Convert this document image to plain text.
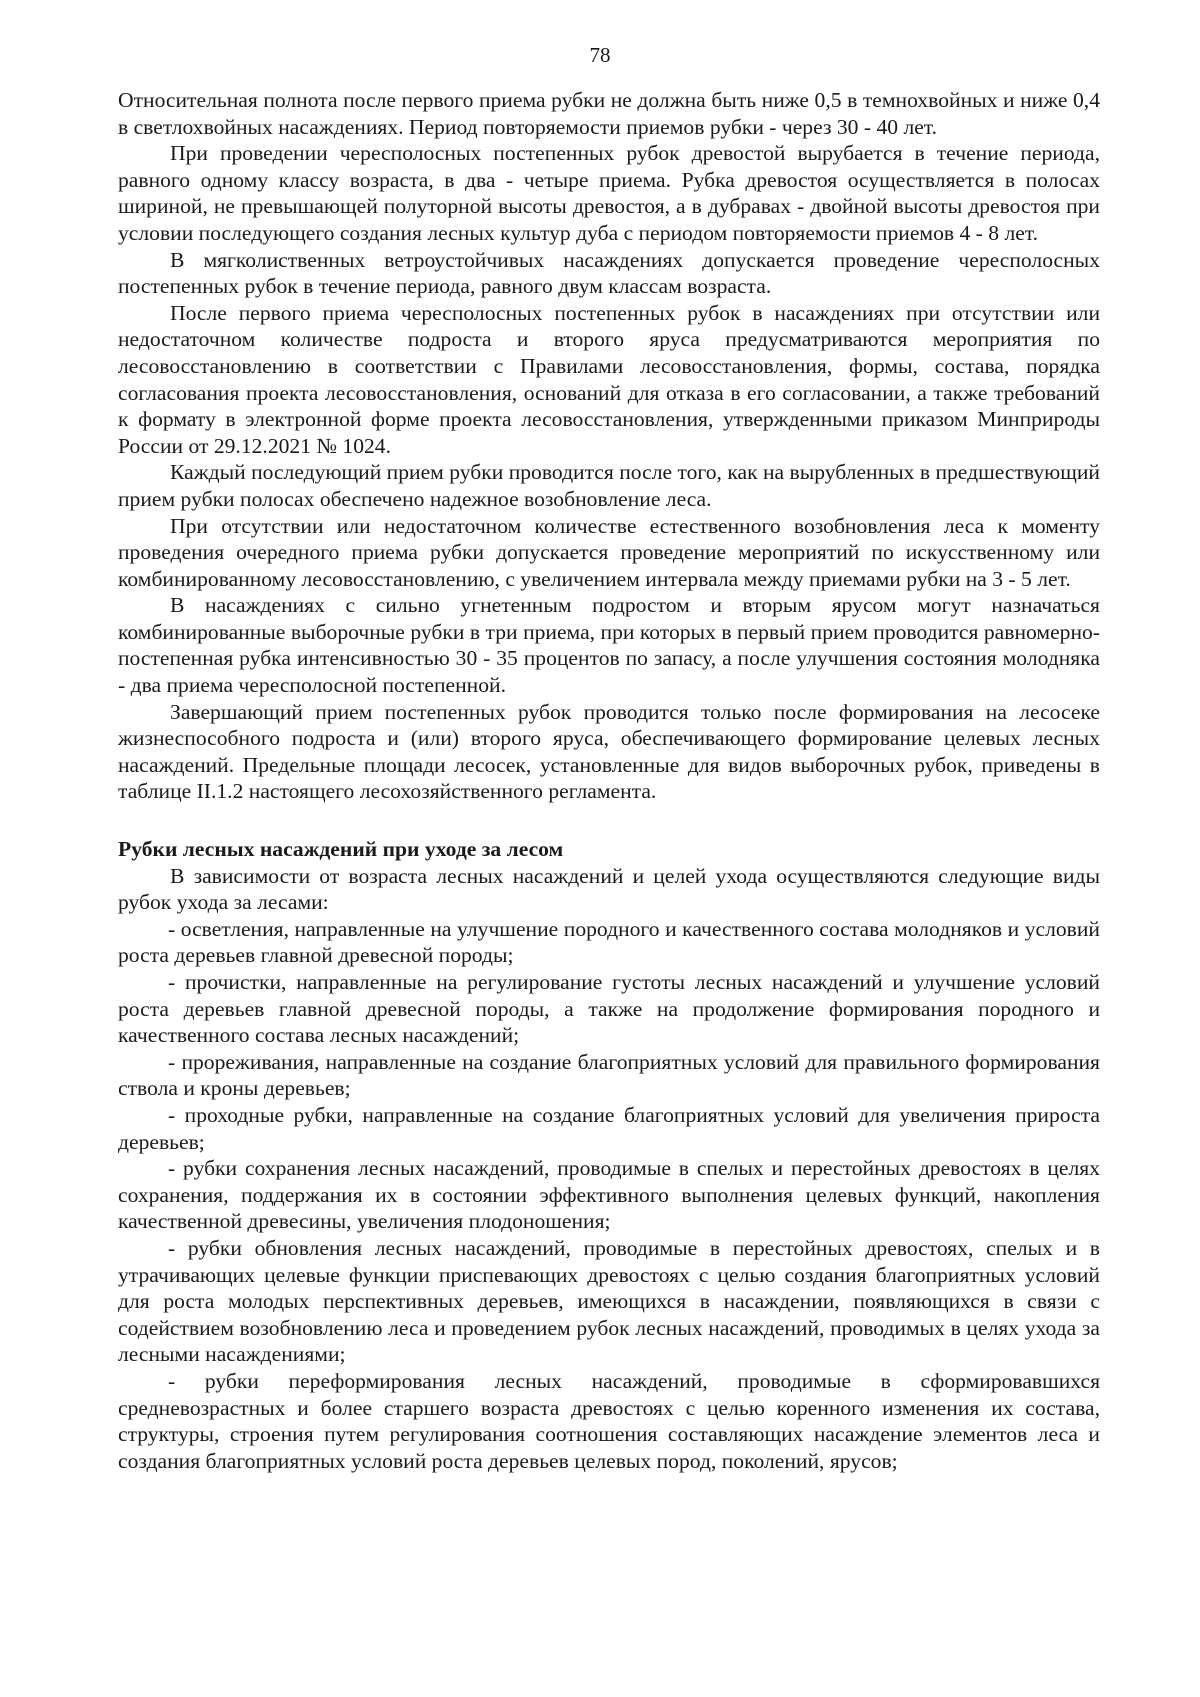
78

Относительная полнота после первого приема рубки не должна быть ниже 0,5 в темнохвойных и ниже 0,4 в светлохвойных насаждениях. Период повторяемости приемов рубки - через 30 - 40 лет.

При проведении чересполосных постепенных рубок древостой вырубается в течение периода, равного одному классу возраста, в два - четыре приема. Рубка древостоя осуществляется в полосах шириной, не превышающей полуторной высоты древостоя, а в дубравах - двойной высоты древостоя при условии последующего создания лесных культур дуба с периодом повторяемости приемов 4 - 8 лет.

В мягколиственных ветроустойчивых насаждениях допускается проведение чересполосных постепенных рубок в течение периода, равного двум классам возраста.

После первого приема чересполосных постепенных рубок в насаждениях при отсутствии или недостаточном количестве подроста и второго яруса предусматриваются мероприятия по лесовосстановлению в соответствии с Правилами лесовосстановления, формы, состава, порядка согласования проекта лесовосстановления, оснований для отказа в его согласовании, а также требований к формату в электронной форме проекта лесовосстановления, утвержденными приказом Минприроды России от 29.12.2021 № 1024.

Каждый последующий прием рубки проводится после того, как на вырубленных в предшествующий прием рубки полосах обеспечено надежное возобновление леса.

При отсутствии или недостаточном количестве естественного возобновления леса к моменту проведения очередного приема рубки допускается проведение мероприятий по искусственному или комбинированному лесовосстановлению, с увеличением интервала между приемами рубки на 3 - 5 лет.

В насаждениях с сильно угнетенным подростом и вторым ярусом могут назначаться комбинированные выборочные рубки в три приема, при которых в первый прием проводится равномерно-постепенная рубка интенсивностью 30 - 35 процентов по запасу, а после улучшения состояния молодняка - два приема чересполосной постепенной.

Завершающий прием постепенных рубок проводится только после формирования на лесосеке жизнеспособного подроста и (или) второго яруса, обеспечивающего формирование целевых лесных насаждений. Предельные площади лесосек, установленные для видов выборочных рубок, приведены в таблице II.1.2 настоящего лесохозяйственного регламента.

Рубки лесных насаждений при уходе за лесом

В зависимости от возраста лесных насаждений и целей ухода осуществляются следующие виды рубок ухода за лесами:

- осветления, направленные на улучшение породного и качественного состава молодняков и условий роста деревьев главной древесной породы;

- прочистки, направленные на регулирование густоты лесных насаждений и улучшение условий роста деревьев главной древесной породы, а также на продолжение формирования породного и качественного состава лесных насаждений;

- прореживания, направленные на создание благоприятных условий для правильного формирования ствола и кроны деревьев;

- проходные рубки, направленные на создание благоприятных условий для увеличения прироста деревьев;

- рубки сохранения лесных насаждений, проводимые в спелых и перестойных древостоях в целях сохранения, поддержания их в состоянии эффективного выполнения целевых функций, накопления качественной древесины, увеличения плодоношения;

- рубки обновления лесных насаждений, проводимые в перестойных древостоях, спелых и в утрачивающих целевые функции приспевающих древостоях с целью создания благоприятных условий для роста молодых перспективных деревьев, имеющихся в насаждении, появляющихся в связи с содействием возобновлению леса и проведением рубок лесных насаждений, проводимых в целях ухода за лесными насаждениями;

- рубки переформирования лесных насаждений, проводимые в сформировавшихся средневозрастных и более старшего возраста древостоях с целью коренного изменения их состава, структуры, строения путем регулирования соотношения составляющих насаждение элементов леса и создания благоприятных условий роста деревьев целевых пород, поколений, ярусов;
